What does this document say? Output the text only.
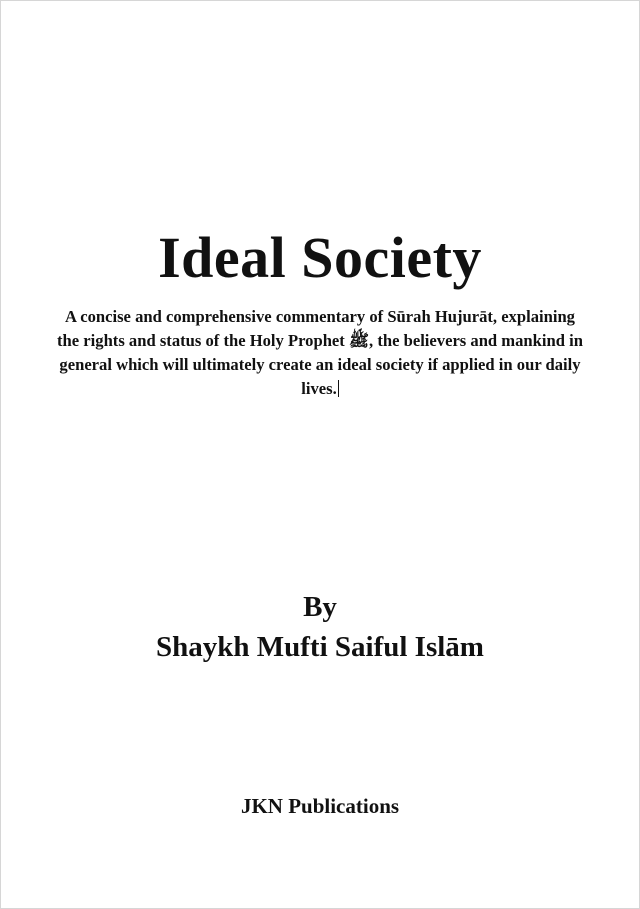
Ideal Society
A concise and comprehensive commentary of Sūrah Hujurāt, explaining the rights and status of the Holy Prophet ﷺ, the believers and mankind in general which will ultimately create an ideal society if applied in our daily lives.
By
Shaykh Mufti Saiful Islām
JKN Publications
